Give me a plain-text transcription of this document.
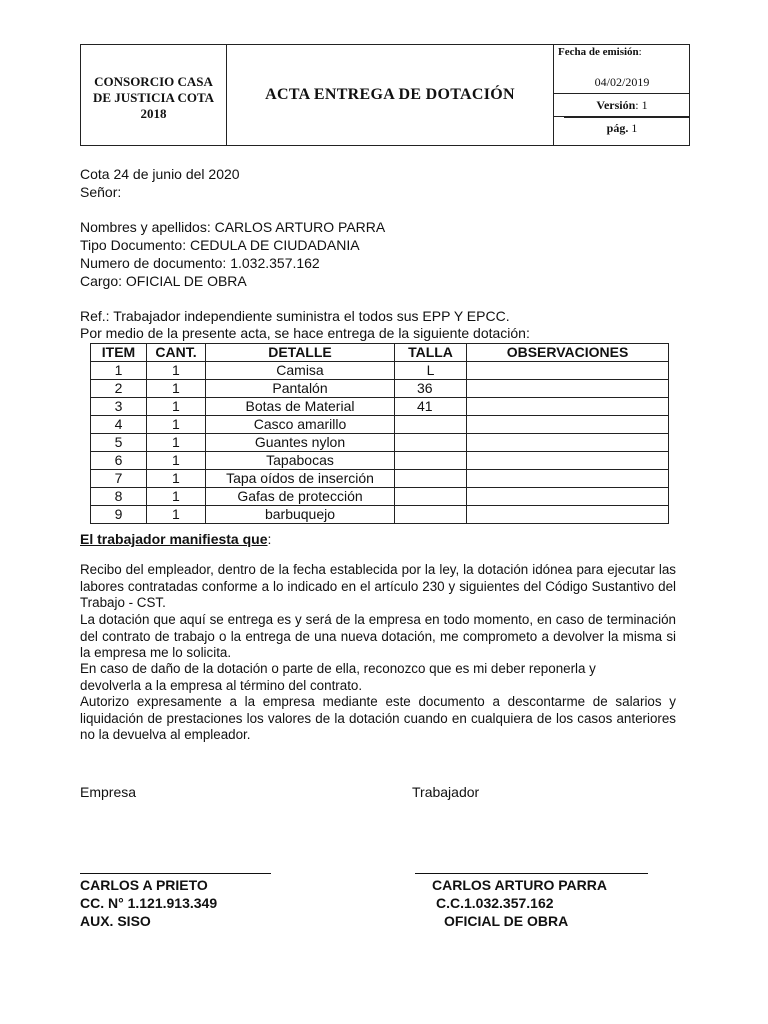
CONSORCIO CASA
DE JUSTICIA COTA
2018
ACTA ENTREGA DE DOTACIÓN
Fecha de emisión:
04/02/2019
Versión: 1
pág. 1
Cota 24 de junio del 2020
Señor:
Nombres y apellidos: CARLOS ARTURO PARRA
Tipo Documento: CEDULA DE CIUDADANIA
Numero de documento: 1.032.357.162
Cargo: OFICIAL DE OBRA
Ref.: Trabajador independiente suministra el todos sus EPP Y EPCC.
Por medio de la presente acta, se hace entrega de la siguiente dotación:
ITEM	CANT.	DETALLE	TALLA	OBSERVACIONES
1	1	Camisa	L	
2	1	Pantalón	36	
3	1	Botas de Material	41	
4	1	Casco amarillo		
5	1	Guantes nylon		
6	1	Tapabocas		
7	1	Tapa oídos de inserción		
8	1	Gafas de protección		
9	1	barbuquejo		
El trabajador manifiesta que:
Recibo del empleador, dentro de la fecha establecida por la ley, la dotación idónea para ejecutar las labores contratadas conforme a lo indicado en el artículo 230 y siguientes del Código Sustantivo del Trabajo - CST.
La dotación que aquí se entrega es y será de la empresa en todo momento, en caso de terminación del contrato de trabajo o la entrega de una nueva dotación, me comprometo a devolver la misma si la empresa me lo solicita.
En caso de daño de la dotación o parte de ella, reconozco que es mi deber reponerla y
devolverla a la empresa al término del contrato.
Autorizo expresamente a la empresa mediante este documento a descontarme de salarios y liquidación de prestaciones los valores de la dotación cuando en cualquiera de los casos anteriores no la devuelva al empleador.
Empresa	Trabajador
CARLOS A PRIETO
CC. N° 1.121.913.349
AUX. SISO
CARLOS ARTURO PARRA
C.C.1.032.357.162
OFICIAL DE OBRA
